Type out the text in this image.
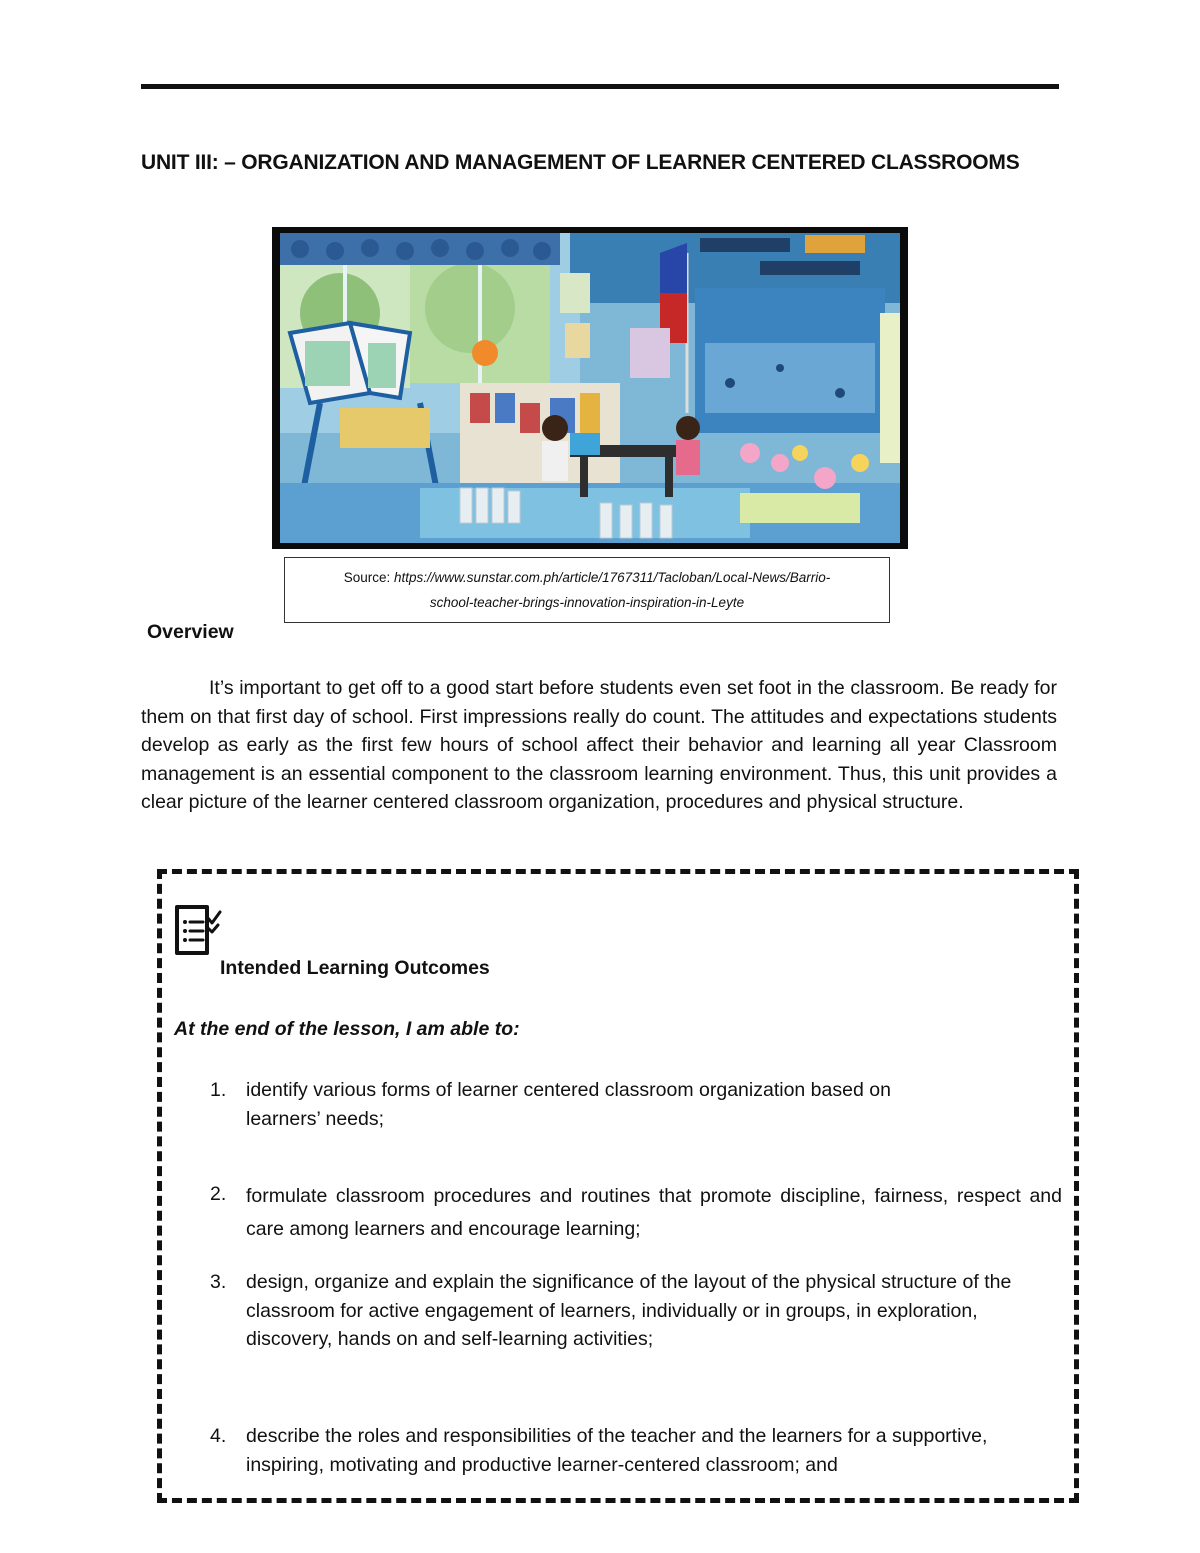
UNIT III: – ORGANIZATION AND MANAGEMENT OF LEARNER CENTERED CLASSROOMS
Source: https://www.sunstar.com.ph/article/1767311/Tacloban/Local-News/Barrio-
school-teacher-brings-innovation-inspiration-in-Leyte
Overview
It’s important to get off to a good start before students even set foot in the classroom. Be ready for them on that first day of school. First impressions really do count. The attitudes and expectations students develop as early as the first few hours of school affect their behavior and learning all year Classroom management is an essential component to the classroom learning environment. Thus, this unit provides a clear picture of the learner centered classroom organization, procedures and physical structure.
Intended Learning Outcomes
At the end of the lesson, I am able to:
1. identify various forms of learner centered classroom organization based on learners’ needs;
2. formulate classroom procedures and routines that promote discipline, fairness, respect and care among learners and encourage learning;
3. design, organize and explain the significance of the layout of the physical structure of the classroom for active engagement of learners, individually or in groups, in exploration, discovery, hands on and self-learning activities;
4. describe the roles and responsibilities of the teacher and the learners for a supportive, inspiring, motivating and productive learner-centered classroom; and
